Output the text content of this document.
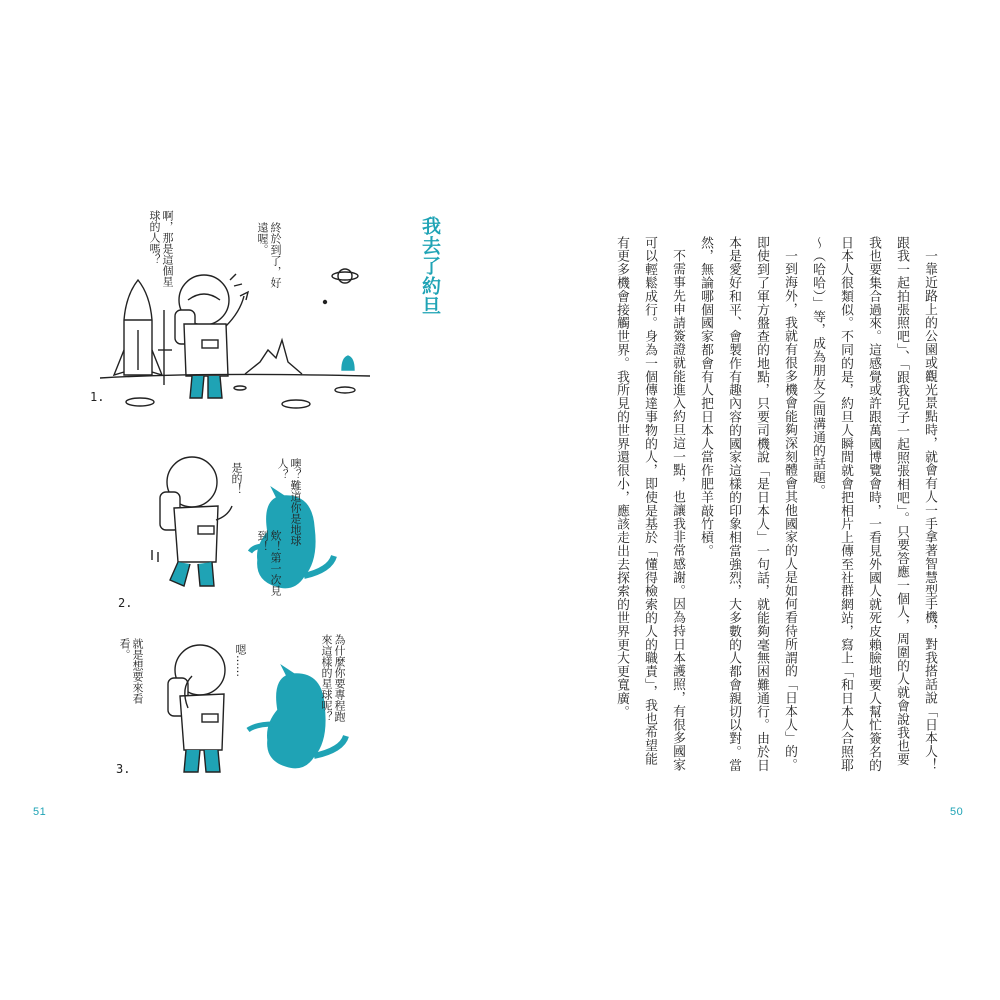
1.
2.
3.
啊，那是這個星球的人嗎？	終於到了，好遠喔。
噢？難道你是地球人？
是的！
欸！第一次見到！
為什麼你要專程跑來這樣的星球呢？
嗯……
就是想要來看看。
我去了約旦	一靠近路上的公園或觀光景點時，就會有人一手拿著智慧型手機，對我搭話說「日本人！跟我一起拍張照吧」、「跟我兒子一起照張相吧」。只要答應一個人，周圍的人就會說我也要我也要集合過來。這感覺或許跟萬國博覽會時，一看見外國人就死皮賴臉地要人幫忙簽名的日本人很類似。不同的是，約旦人瞬間就會把相片上傳至社群網站，寫上「和日本人合照耶～（哈哈）」等，成為朋友之間溝通的話題。

一到海外，我就有很多機會能夠深刻體會其他國家的人是如何看待所謂的「日本人」的。即使到了軍方盤查的地點，只要司機說「是日本人」一句話，就能夠毫無困難通行。由於日本是愛好和平、會製作有趣內容的國家這樣的印象相當強烈，大多數的人都會親切以對。當然，無論哪個國家都會有人把日本人當作肥羊敲竹槓。

不需事先申請簽證就能進入約旦這一點，也讓我非常感謝。因為持日本護照，有很多國家可以輕鬆成行。身為一個傳達事物的人，即使是基於「懂得檢索的人的職責」，我也希望能有更多機會接觸世界。我所見的世界還很小，應該走出去探索的世界更大更寬廣。

51	50
